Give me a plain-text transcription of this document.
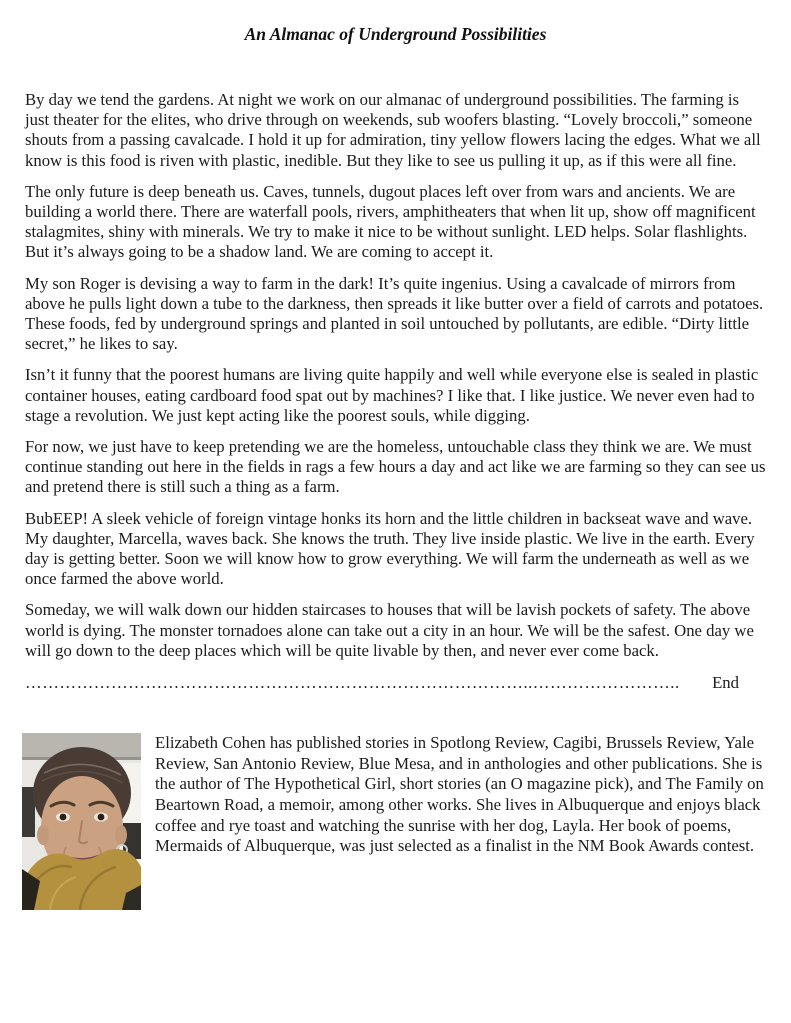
An Almanac of Underground Possibilities

By day we tend the gardens. At night we work on our almanac of underground possibilities. The farming is just theater for the elites, who drive through on weekends, sub woofers blasting. “Lovely broccoli,” someone shouts from a passing cavalcade. I hold it up for admiration, tiny yellow flowers lacing the edges. What we all know is this food is riven with plastic, inedible. But they like to see us pulling it up, as if this were all fine.

The only future is deep beneath us. Caves, tunnels, dugout places left over from wars and ancients. We are building a world there. There are waterfall pools, rivers, amphitheaters that when lit up, show off magnificent stalagmites, shiny with minerals. We try to make it nice to be without sunlight. LED helps. Solar flashlights. But it’s always going to be a shadow land. We are coming to accept it.

My son Roger is devising a way to farm in the dark! It’s quite ingenius. Using a cavalcade of mirrors from above he pulls light down a tube to the darkness, then spreads it like butter over a field of carrots and potatoes. These foods, fed by underground springs and planted in soil untouched by pollutants, are edible. “Dirty little secret,” he likes to say.

Isn’t it funny that the poorest humans are living quite happily and well while everyone else is sealed in plastic container houses, eating cardboard food spat out by machines? I like that. I like justice. We never even had to stage a revolution. We just kept acting like the poorest souls, while digging.

For now, we just have to keep pretending we are the homeless, untouchable class they think we are. We must continue standing out here in the fields in rags a few hours a day and act like we are farming so they can see us and pretend there is still such a thing as a farm.

BubEEP! A sleek vehicle of foreign vintage honks its horn and the little children in backseat wave and wave. My daughter, Marcella, waves back. She knows the truth. They live inside plastic. We live in the earth. Every day is getting better. Soon we will know how to grow everything. We will farm the underneath as well as we once farmed the above world.

Someday, we will walk down our hidden staircases to houses that will be lavish pockets of safety. The above world is dying. The monster tornadoes alone can take out a city in an hour. We will be the safest. One day we will go down to the deep places which will be quite livable by then, and never ever come back.

……………………………………………………………………………..……………………..	End

Elizabeth Cohen has published stories in Spotlong Review, Cagibi, Brussels Review, Yale Review, San Antonio Review, Blue Mesa, and in anthologies and other publications. She is the author of The Hypothetical Girl, short stories (an O magazine pick), and The Family on Beartown Road, a memoir, among other works. She lives in Albuquerque and enjoys black coffee and rye toast and watching the sunrise with her dog, Layla. Her book of poems, Mermaids of Albuquerque, was just selected as a finalist in the NM Book Awards contest.
